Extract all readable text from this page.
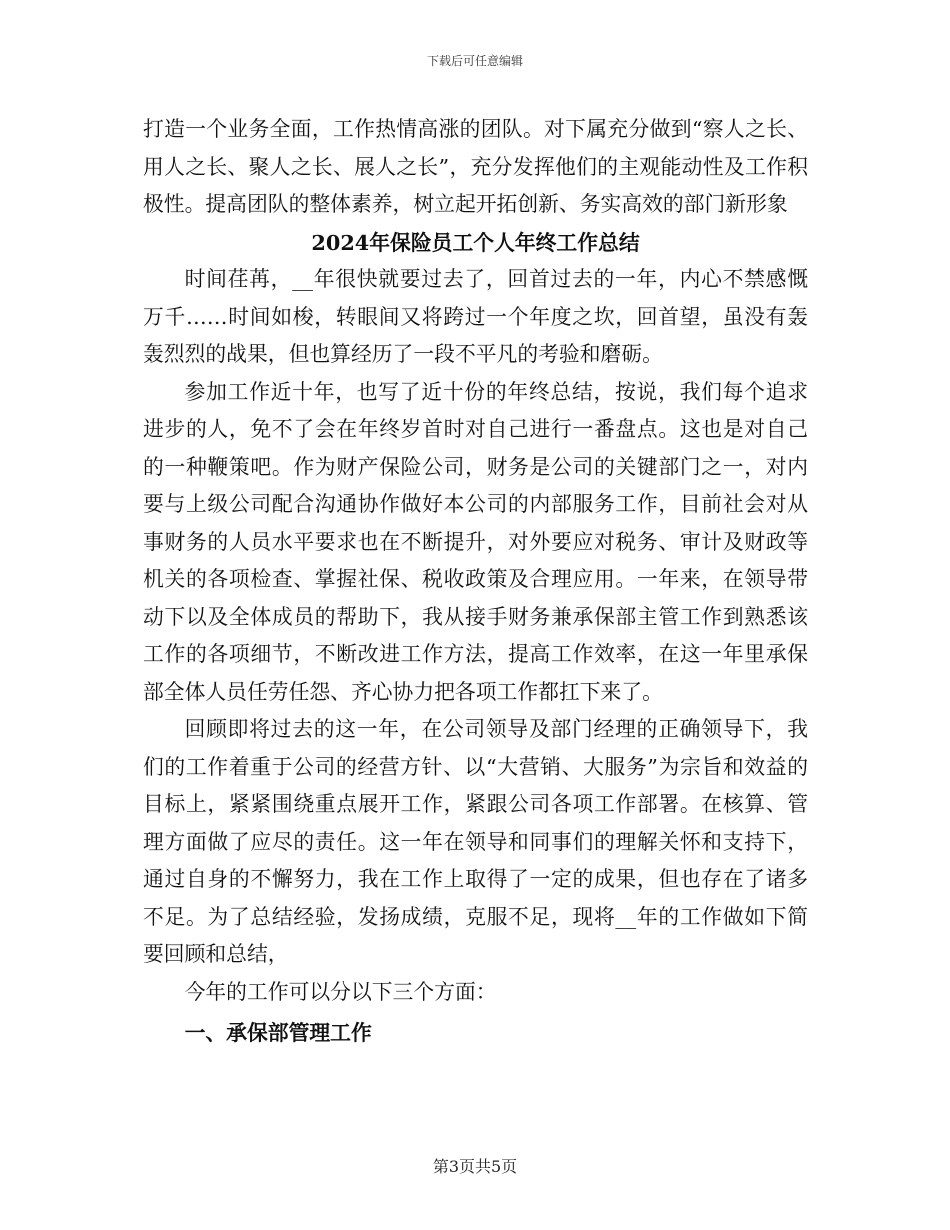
下载后可任意编辑

打造一个业务全面，工作热情高涨的团队。对下属充分做到“察人之长、用人之长、聚人之长、展人之长”，充分发挥他们的主观能动性及工作积极性。提高团队的整体素养，树立起开拓创新、务实高效的部门新形象

2024年保险员工个人年终工作总结

时间荏苒，__年很快就要过去了，回首过去的一年，内心不禁感慨万千……时间如梭，转眼间又将跨过一个年度之坎，回首望，虽没有轰轰烈烈的战果，但也算经历了一段不平凡的考验和磨砺。

参加工作近十年，也写了近十份的年终总结，按说，我们每个追求进步的人，免不了会在年终岁首时对自己进行一番盘点。这也是对自己的一种鞭策吧。作为财产保险公司，财务是公司的关键部门之一，对内要与上级公司配合沟通协作做好本公司的内部服务工作，目前社会对从事财务的人员水平要求也在不断提升，对外要应对税务、审计及财政等机关的各项检查、掌握社保、税收政策及合理应用。一年来，在领导带动下以及全体成员的帮助下，我从接手财务兼承保部主管工作到熟悉该工作的各项细节，不断改进工作方法，提高工作效率，在这一年里承保部全体人员任劳任怨、齐心协力把各项工作都扛下来了。

回顾即将过去的这一年，在公司领导及部门经理的正确领导下，我们的工作着重于公司的经营方针、以“大营销、大服务”为宗旨和效益的目标上，紧紧围绕重点展开工作，紧跟公司各项工作部署。在核算、管理方面做了应尽的责任。这一年在领导和同事们的理解关怀和支持下，通过自身的不懈努力，我在工作上取得了一定的成果，但也存在了诸多不足。为了总结经验，发扬成绩，克服不足，现将__年的工作做如下简要回顾和总结，

今年的工作可以分以下三个方面：

一、承保部管理工作
第3页共5页
